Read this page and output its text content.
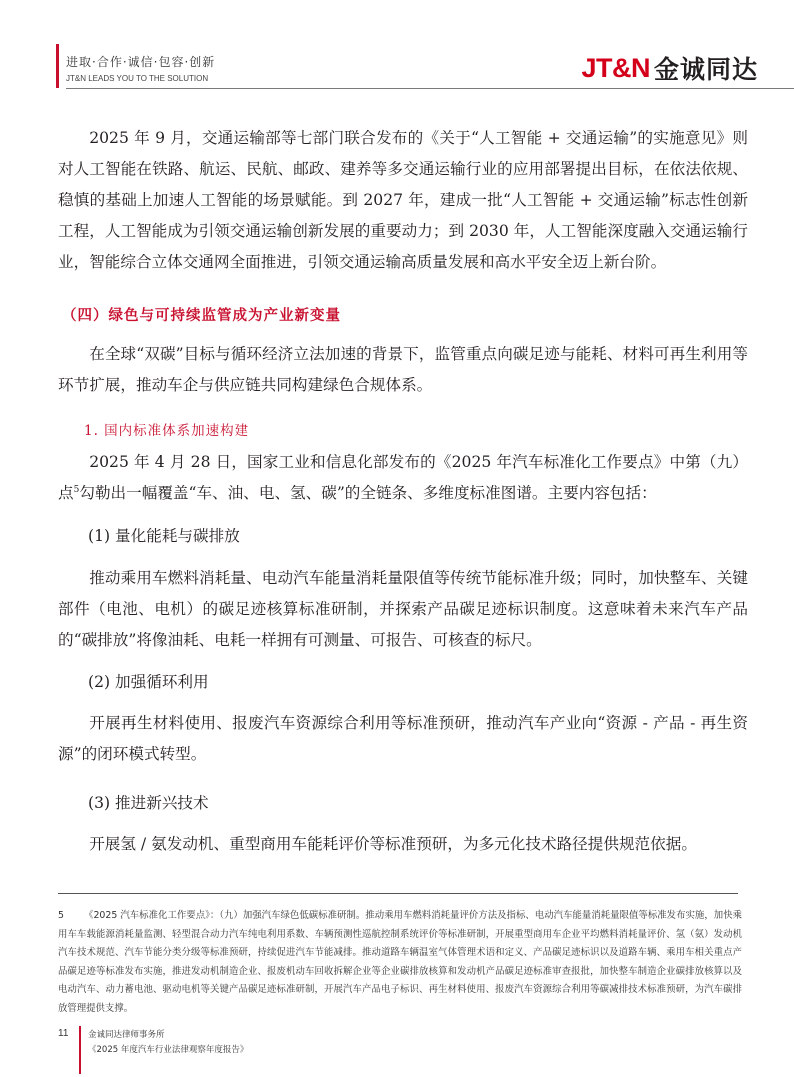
进取·合作·诚信·包容·创新
JT&N LEADS YOU TO THE SOLUTION	JT&N 金诚同达

2025 年 9 月，交通运输部等七部门联合发布的《关于“人工智能 + 交通运输”的实施意见》则对人工智能在铁路、航运、民航、邮政、建养等多交通运输行业的应用部署提出目标，在依法依规、稳慎的基础上加速人工智能的场景赋能。到 2027 年，建成一批“人工智能 + 交通运输”标志性创新工程，人工智能成为引领交通运输创新发展的重要动力；到 2030 年，人工智能深度融入交通运输行业，智能综合立体交通网全面推进，引领交通运输高质量发展和高水平安全迈上新台阶。

（四）绿色与可持续监管成为产业新变量

在全球“双碳”目标与循环经济立法加速的背景下，监管重点向碳足迹与能耗、材料可再生利用等环节扩展，推动车企与供应链共同构建绿色合规体系。

1. 国内标准体系加速构建

2025 年 4 月 28 日，国家工业和信息化部发布的《2025 年汽车标准化工作要点》中第（九）点$^5$勾勒出一幅覆盖“车、油、电、氢、碳”的全链条、多维度标准图谱。主要内容包括：

(1) 量化能耗与碳排放

推动乘用车燃料消耗量、电动汽车能量消耗量限值等传统节能标准升级；同时，加快整车、关键部件（电池、电机）的碳足迹核算标准研制，并探索产品碳足迹标识制度。这意味着未来汽车产品的“碳排放”将像油耗、电耗一样拥有可测量、可报告、可核查的标尺。

(2) 加强循环利用

开展再生材料使用、报废汽车资源综合利用等标准预研，推动汽车产业向“资源 - 产品 - 再生资源”的闭环模式转型。

(3) 推进新兴技术

开展氢 / 氨发动机、重型商用车能耗评价等标准预研，为多元化技术路径提供规范依据。

5 《2025 汽车标准化工作要点》：（九）加强汽车绿色低碳标准研制。推动乘用车燃料消耗量评价方法及指标、电动汽车能量消耗量限值等标准发布实施，加快乘用车车载能源消耗量监测、轻型混合动力汽车纯电利用系数、车辆预测性巡航控制系统评价等标准研制，开展重型商用车企业平均燃料消耗量评价、氢（氨）发动机汽车技术规范、汽车节能分类分级等标准预研，持续促进汽车节能减排。推动道路车辆温室气体管理术语和定义、产品碳足迹标识以及道路车辆、乘用车相关重点产品碳足迹等标准发布实施，推进发动机制造企业、报废机动车回收拆解企业等企业碳排放核算和发动机产品碳足迹标准审查报批，加快整车制造企业碳排放核算以及电动汽车、动力蓄电池、驱动电机等关键产品碳足迹标准研制，开展汽车产品电子标识、再生材料使用、报废汽车资源综合利用等碳减排技术标准预研，为汽车碳排放管理提供支撑。
11 金诚同达律师事务所
《2025 年度汽车行业法律观察年度报告》
